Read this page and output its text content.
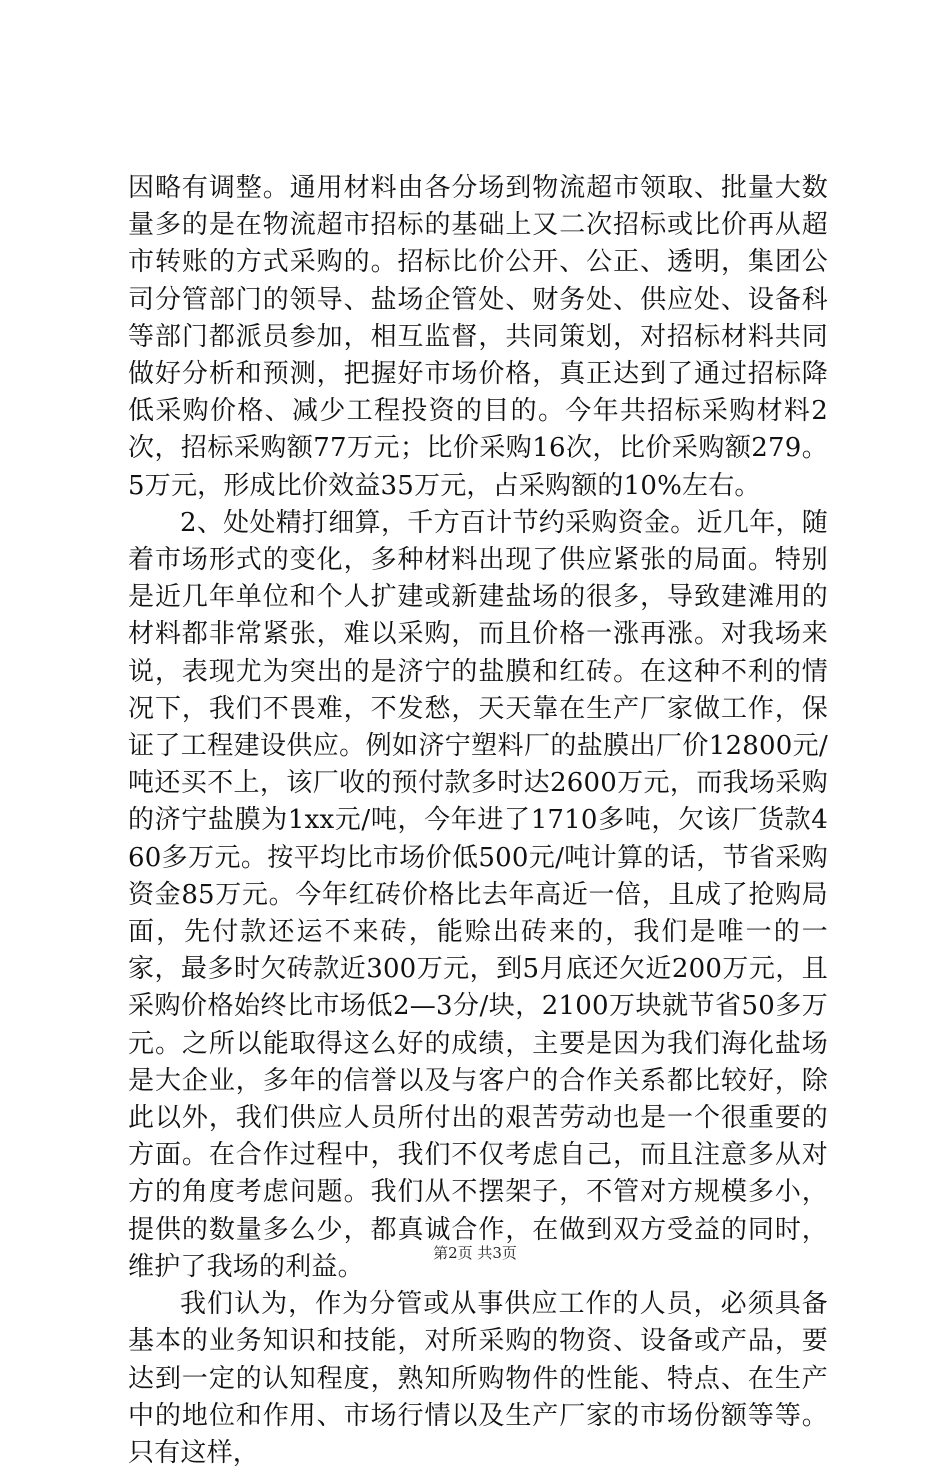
因略有调整。通用材料由各分场到物流超市领取、批量大数量多的是在物流超市招标的基础上又二次招标或比价再从超市转账的方式采购的。招标比价公开、公正、透明，集团公司分管部门的领导、盐场企管处、财务处、供应处、设备科等部门都派员参加，相互监督，共同策划，对招标材料共同做好分析和预测，把握好市场价格，真正达到了通过招标降低采购价格、减少工程投资的目的。今年共招标采购材料2次，招标采购额77万元；比价采购16次，比价采购额279。5万元，形成比价效益35万元，占采购额的10%左右。

2、处处精打细算，千方百计节约采购资金。近几年，随着市场形式的变化，多种材料出现了供应紧张的局面。特别是近几年单位和个人扩建或新建盐场的很多，导致建滩用的材料都非常紧张，难以采购，而且价格一涨再涨。对我场来说，表现尤为突出的是济宁的盐膜和红砖。在这种不利的情况下，我们不畏难，不发愁，天天靠在生产厂家做工作，保证了工程建设供应。例如济宁塑料厂的盐膜出厂价12800元/吨还买不上，该厂收的预付款多时达2600万元，而我场采购的济宁盐膜为1xx元/吨，今年进了1710多吨，欠该厂货款460多万元。按平均比市场价低500元/吨计算的话，节省采购资金85万元。今年红砖价格比去年高近一倍，且成了抢购局面，先付款还运不来砖，能赊出砖来的，我们是唯一的一家，最多时欠砖款近300万元，到5月底还欠近200万元，且采购价格始终比市场低2—3分/块，2100万块就节省50多万元。之所以能取得这么好的成绩，主要是因为我们海化盐场是大企业，多年的信誉以及与客户的合作关系都比较好，除此以外，我们供应人员所付出的艰苦劳动也是一个很重要的方面。在合作过程中，我们不仅考虑自己，而且注意多从对方的角度考虑问题。我们从不摆架子，不管对方规模多小，提供的数量多么少，都真诚合作，在做到双方受益的同时，维护了我场的利益。

我们认为，作为分管或从事供应工作的人员，必须具备基本的业务知识和技能，对所采购的物资、设备或产品，要达到一定的认知程度，熟知所购物件的性能、特点、在生产中的地位和作用、市场行情以及生产厂家的市场份额等等。只有这样，

第2页 共3页
